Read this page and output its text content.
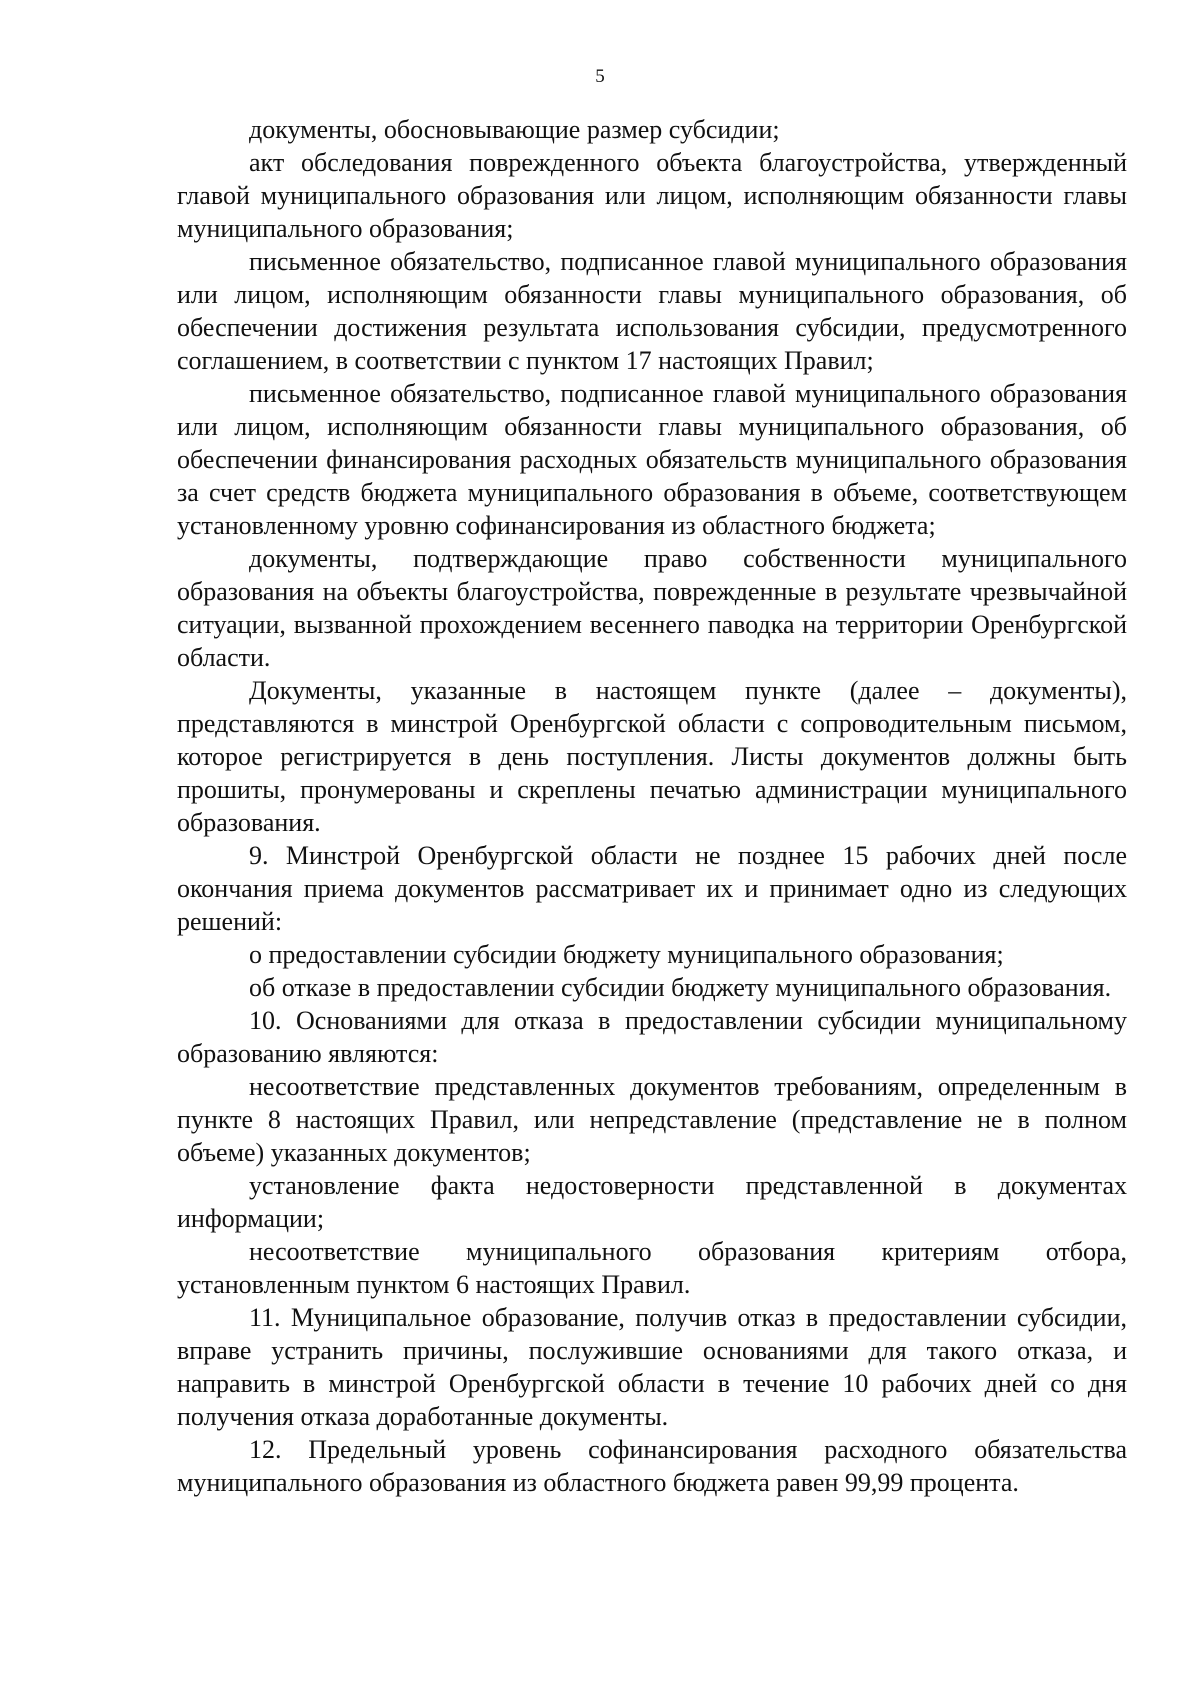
5

документы, обосновывающие размер субсидии;

акт обследования поврежденного объекта благоустройства, утвержденный главой муниципального образования или лицом, исполняющим обязанности главы муниципального образования;

письменное обязательство, подписанное главой муниципального образования или лицом, исполняющим обязанности главы муниципального образования, об обеспечении достижения результата использования субсидии, предусмотренного соглашением, в соответствии с пунктом 17 настоящих Правил;

письменное обязательство, подписанное главой муниципального образования или лицом, исполняющим обязанности главы муниципального образования, об обеспечении финансирования расходных обязательств муниципального образования за счет средств бюджета муниципального образования в объеме, соответствующем установленному уровню софинансирования из областного бюджета;

документы, подтверждающие право собственности муниципального образования на объекты благоустройства, поврежденные в результате чрезвычайной ситуации, вызванной прохождением весеннего паводка на территории Оренбургской области.

Документы, указанные в настоящем пункте (далее – документы), представляются в минстрой Оренбургской области с сопроводительным письмом, которое регистрируется в день поступления. Листы документов должны быть прошиты, пронумерованы и скреплены печатью администрации муниципального образования.

9. Минстрой Оренбургской области не позднее 15 рабочих дней после окончания приема документов рассматривает их и принимает одно из следующих решений:

о предоставлении субсидии бюджету муниципального образования;

об отказе в предоставлении субсидии бюджету муниципального образования.

10. Основаниями для отказа в предоставлении субсидии муниципальному образованию являются:

несоответствие представленных документов требованиям, определенным в пункте 8 настоящих Правил, или непредставление (представление не в полном объеме) указанных документов;

установление факта недостоверности представленной в документах информации;

несоответствие муниципального образования критериям отбора, установленным пунктом 6 настоящих Правил.

11. Муниципальное образование, получив отказ в предоставлении субсидии, вправе устранить причины, послужившие основаниями для такого отказа, и направить в минстрой Оренбургской области в течение 10 рабочих дней со дня получения отказа доработанные документы.

12. Предельный уровень софинансирования расходного обязательства муниципального образования из областного бюджета равен 99,99 процента.
